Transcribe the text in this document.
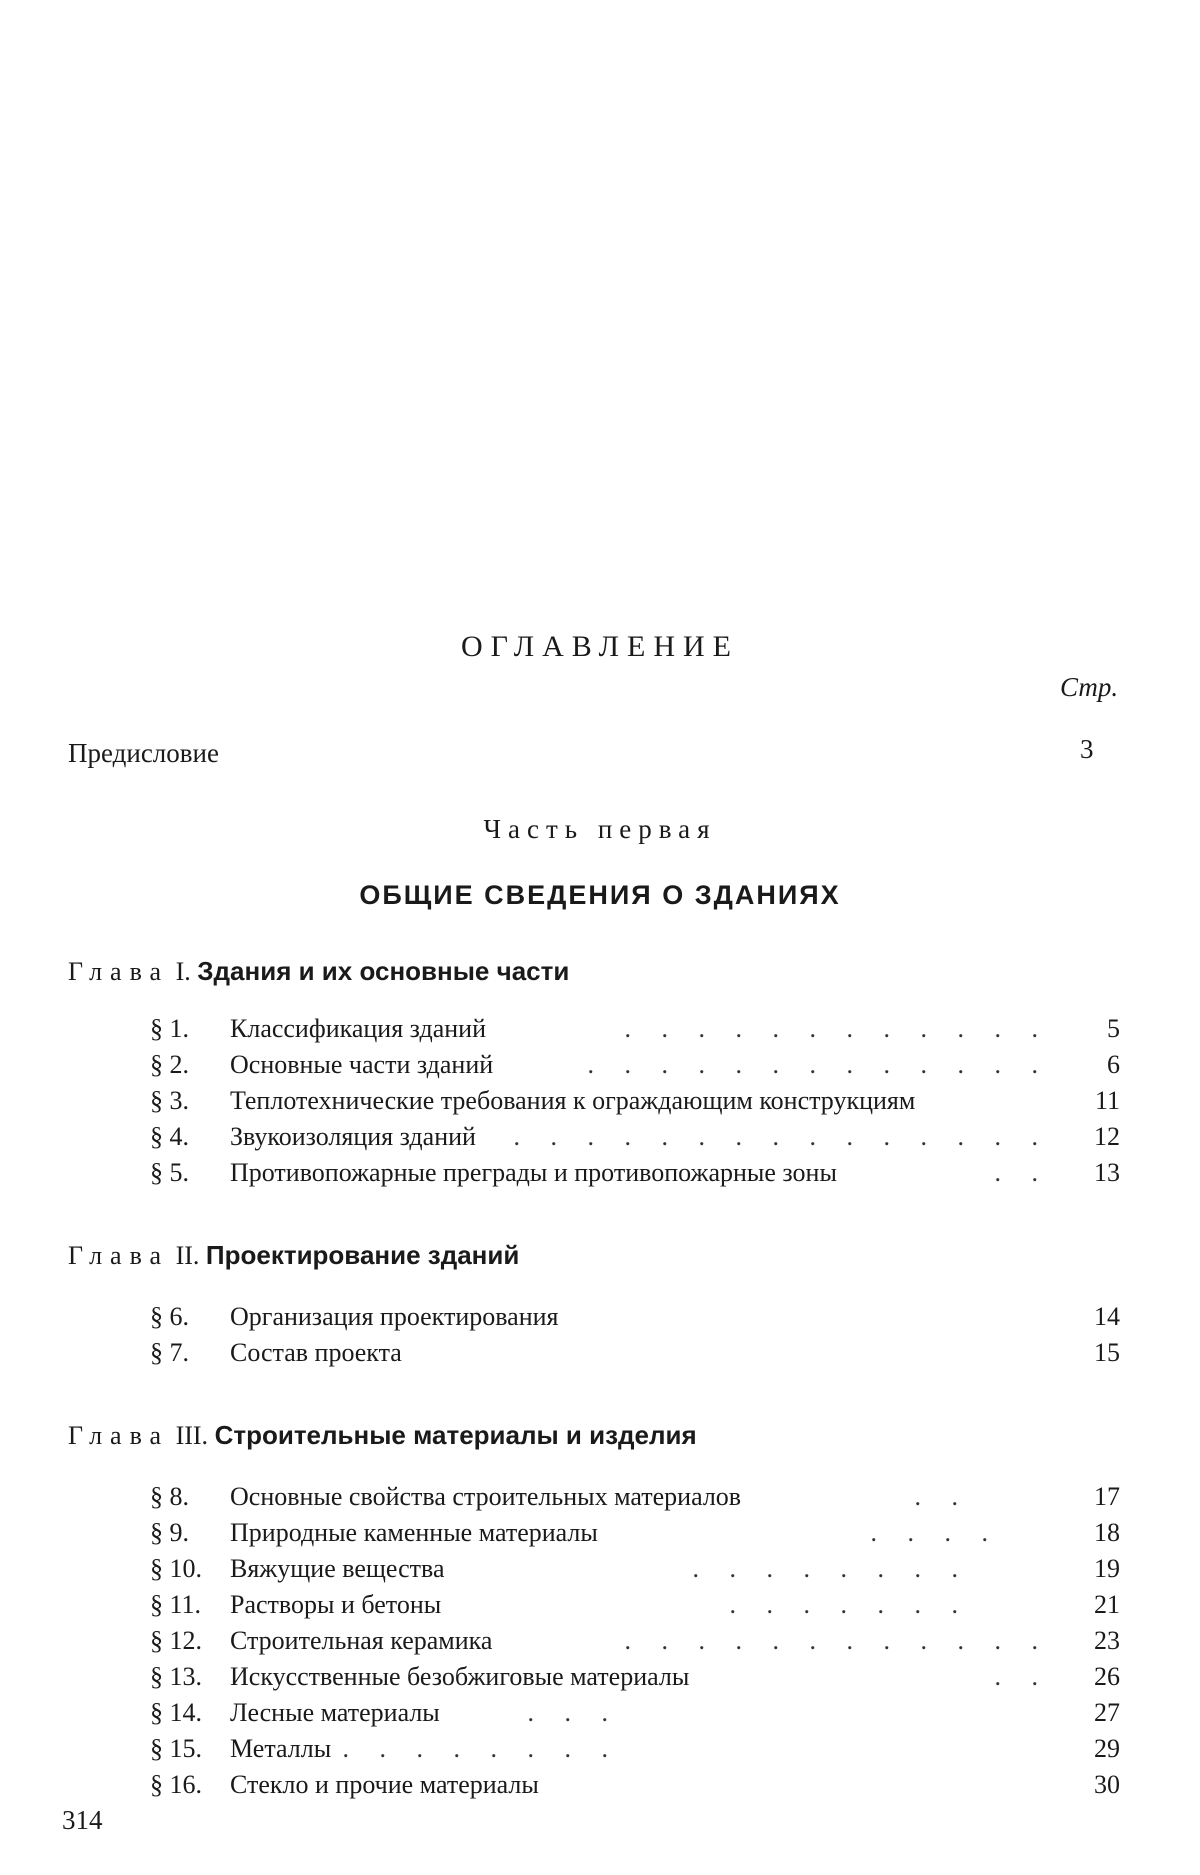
ОГЛАВЛЕНИЕ
Стр.
Предисловие	3
Часть первая
ОБЩИЕ СВЕДЕНИЯ О ЗДАНИЯХ
Глава I. Здания и их основные части
§ 1.	Классификация зданий	. . . . . . . . . . . .	5
§ 2.	Основные части зданий	. . . . . . . . . . . . .	6
§ 3.	Теплотехнические требования к ограждающим конструкциям	11
§ 4.	Звукоизоляция зданий . . . . . . . . . . . . . . .	12
§ 5.	Противопожарные преграды и противопожарные зоны	. .	13
Глава II. Проектирование зданий
§ 6.	Организация проектирования	14
§ 7.	Состав проекта	15
Глава III. Строительные материалы и изделия
§ 8.	Основные свойства строительных материалов	. .	17
§ 9.	Природные каменные материалы	. . . .	18
§ 10.	Вяжущие вещества	. . . . . . . .	19
§ 11.	Растворы и бетоны	. . . . . . .	21
§ 12.	Строительная керамика	. . . . . . . . . . . .	23
§ 13.	Искусственные безобжиговые материалы	. .	26
§ 14.	Лесные материалы	. . .	27
§ 15.	Металлы . . . . . . . .	29
§ 16.	Стекло и прочие материалы	30
314
